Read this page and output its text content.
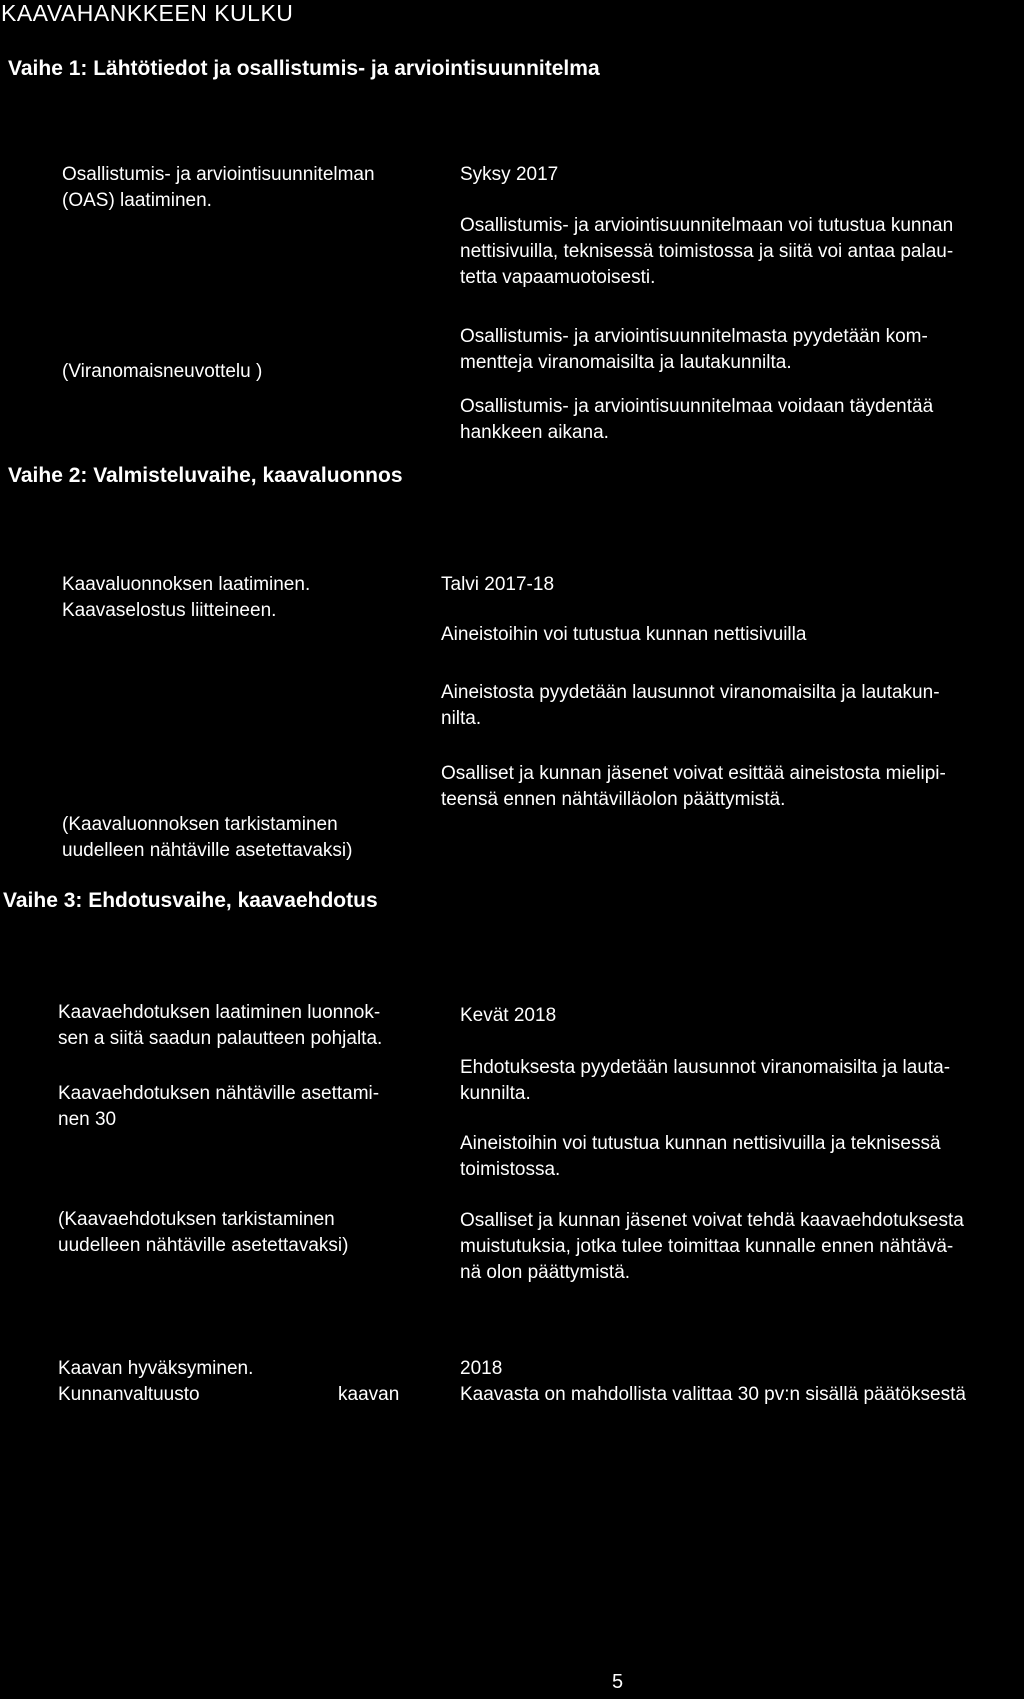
KAAVAHANKKEEN KULKU
Vaihe 1: Lähtötiedot ja osallistumis- ja arviointisuunnitelma
Osallistumis- ja arviointisuunnitelman
(OAS) laatiminen.
(Viranomaisneuvottelu )
Syksy 2017
Osallistumis- ja arviointisuunnitelmaan voi tutustua kunnan
nettisivuilla, teknisessä toimistossa ja siitä voi antaa palau-
tetta vapaamuotoisesti.
Osallistumis- ja arviointisuunnitelmasta pyydetään kom-
mentteja viranomaisilta ja lautakunnilta.
Osallistumis- ja arviointisuunnitelmaa voidaan täydentää
hankkeen aikana.
Vaihe 2: Valmisteluvaihe, kaavaluonnos
Kaavaluonnoksen laatiminen.
Kaavaselostus liitteineen.
(Kaavaluonnoksen tarkistaminen
uudelleen nähtäville asetettavaksi)
Talvi 2017-18
Aineistoihin voi tutustua kunnan nettisivuilla
Aineistosta pyydetään lausunnot viranomaisilta ja lautakun-
nilta.
Osalliset ja kunnan jäsenet voivat esittää aineistosta mielipi-
teensä ennen nähtävilläolon päättymistä.
Vaihe 3: Ehdotusvaihe, kaavaehdotus
Kaavaehdotuksen laatiminen luonnok-
sen a siitä saadun palautteen pohjalta.
Kaavaehdotuksen nähtäville asettami-
nen 30
(Kaavaehdotuksen tarkistaminen
uudelleen nähtäville asetettavaksi)
Kevät 2018
Ehdotuksesta pyydetään lausunnot viranomaisilta ja lauta-
kunnilta.
Aineistoihin voi tutustua kunnan nettisivuilla ja teknisessä
toimistossa.
Osalliset ja kunnan jäsenet voivat tehdä kaavaehdotuksesta
muistutuksia, jotka tulee toimittaa kunnalle ennen nähtävä-
nä olon päättymistä.
Kaavan hyväksyminen.
Kunnanvaltuusto	kaavan
2018
Kaavasta on mahdollista valittaa 30 pv:n sisällä päätöksestä
5
